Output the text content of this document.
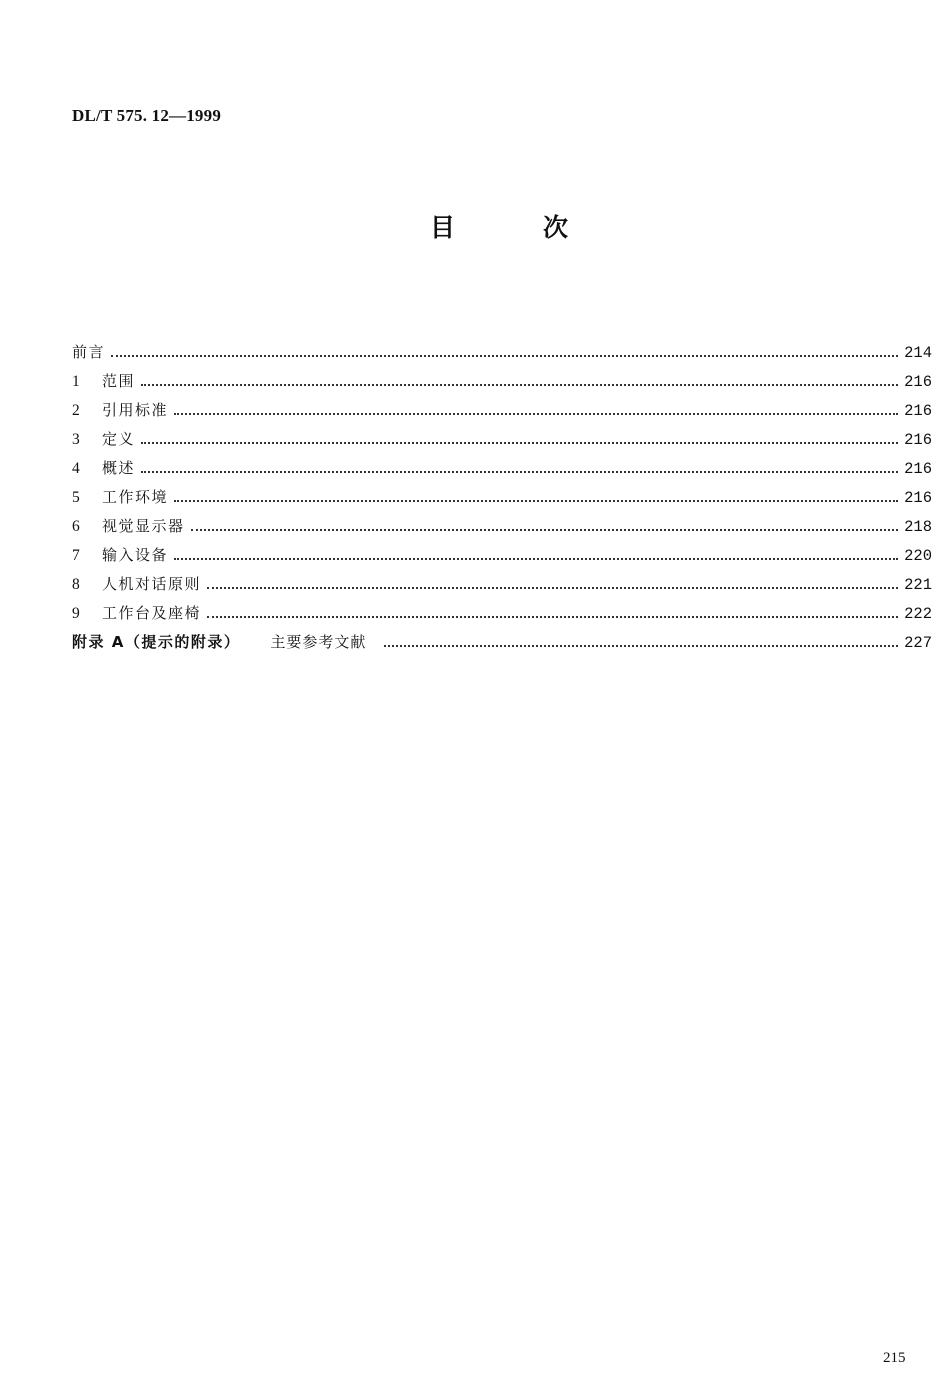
DL/T 575. 12—1999
目	次
前言	214
1	范围	216
2	引用标准	216
3	定义	216
4	概述	216
5	工作环境	216
6	视觉显示器	218
7	输入设备	220
8	人机对话原则	221
9	工作台及座椅	222
附录 A（提示的附录） 主要参考文献	227
215
